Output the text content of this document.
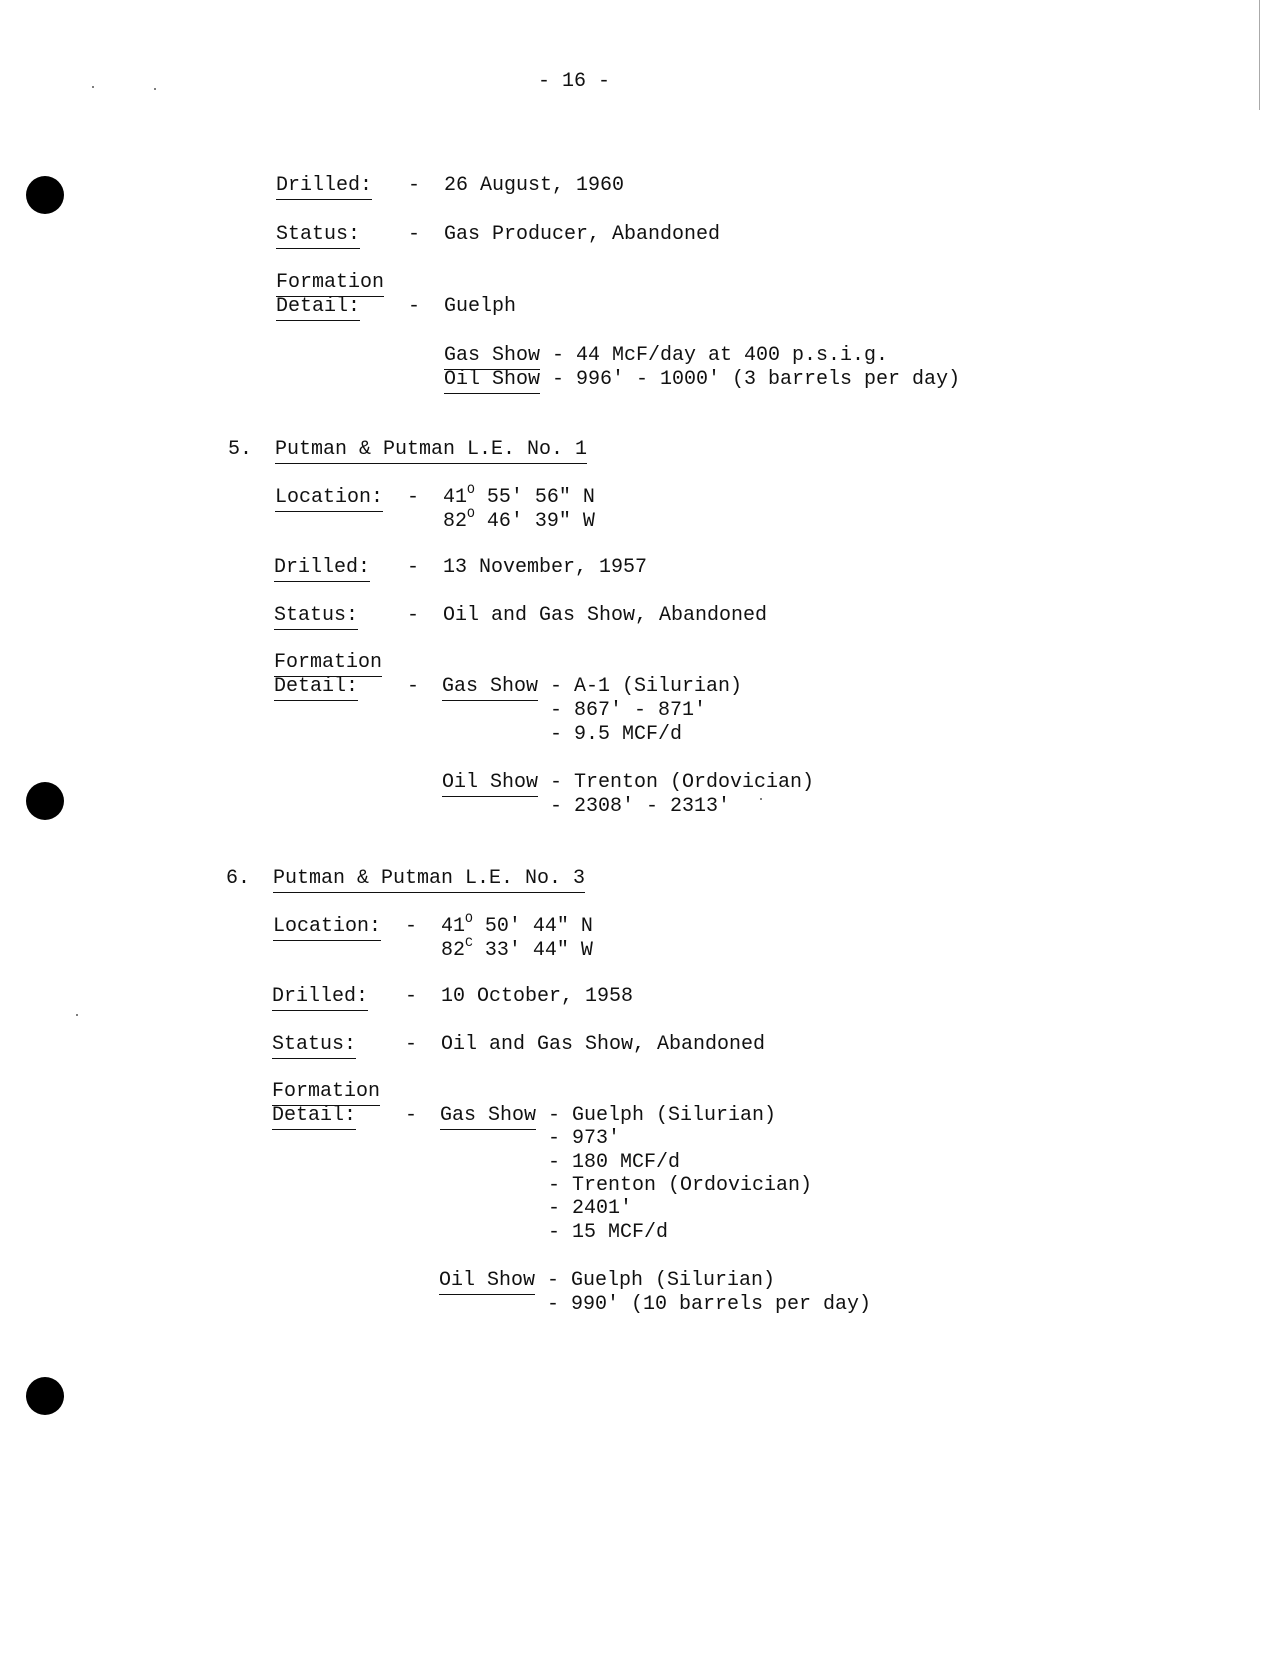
- 16 -
Drilled: - 26 August, 1960
Status: - Gas Producer, Abandoned
Formation
Detail: - Guelph
Gas Show - 44 McF/day at 400 p.s.i.g.
Oil Show - 996' - 1000' (3 barrels per day)
5. Putman & Putman L.E. No. 1
Location: - $41^O$ 55' 56" N
$82^O$ 46' 39" W
Drilled: - 13 November, 1957
Status: - Oil and Gas Show, Abandoned
Formation
Detail: - Gas Show - A-1 (Silurian)
- 867' - 871'
- 9.5 MCF/d
Oil Show - Trenton (Ordovician)
- 2308' - 2313'
6. Putman & Putman L.E. No. 3
Location: - $41^O$ 50' 44" N
$82^C$ 33' 44" W
Drilled: - 10 October, 1958
Status: - Oil and Gas Show, Abandoned
Formation
Detail: - Gas Show - Guelph (Silurian)
- 973'
- 180 MCF/d
- Trenton (Ordovician)
- 2401'
- 15 MCF/d
Oil Show - Guelph (Silurian)
- 990' (10 barrels per day)
